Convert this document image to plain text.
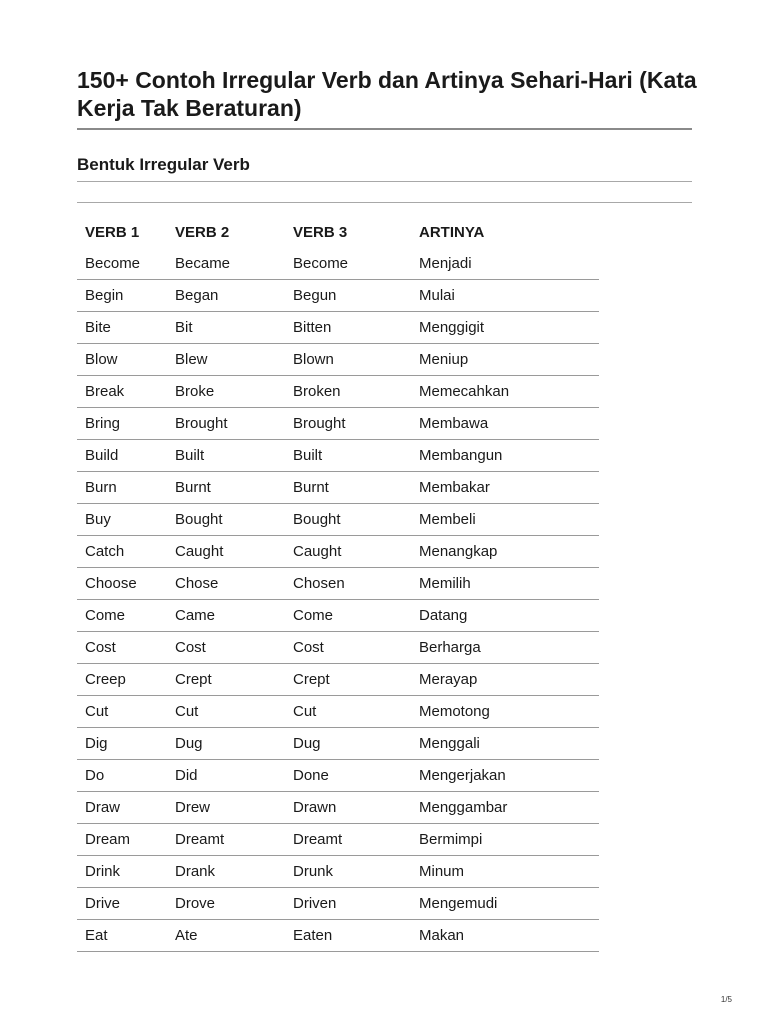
150+ Contoh Irregular Verb dan Artinya Sehari-Hari (Kata Kerja Tak Beraturan)
Bentuk Irregular Verb
VERB 1	VERB 2	VERB 3	ARTINYA
Become	Became	Become	Menjadi
Begin	Began	Begun	Mulai
Bite	Bit	Bitten	Menggigit
Blow	Blew	Blown	Meniup
Break	Broke	Broken	Memecahkan
Bring	Brought	Brought	Membawa
Build	Built	Built	Membangun
Burn	Burnt	Burnt	Membakar
Buy	Bought	Bought	Membeli
Catch	Caught	Caught	Menangkap
Choose	Chose	Chosen	Memilih
Come	Came	Come	Datang
Cost	Cost	Cost	Berharga
Creep	Crept	Crept	Merayap
Cut	Cut	Cut	Memotong
Dig	Dug	Dug	Menggali
Do	Did	Done	Mengerjakan
Draw	Drew	Drawn	Menggambar
Dream	Dreamt	Dreamt	Bermimpi
Drink	Drank	Drunk	Minum
Drive	Drove	Driven	Mengemudi
Eat	Ate	Eaten	Makan
1/5
